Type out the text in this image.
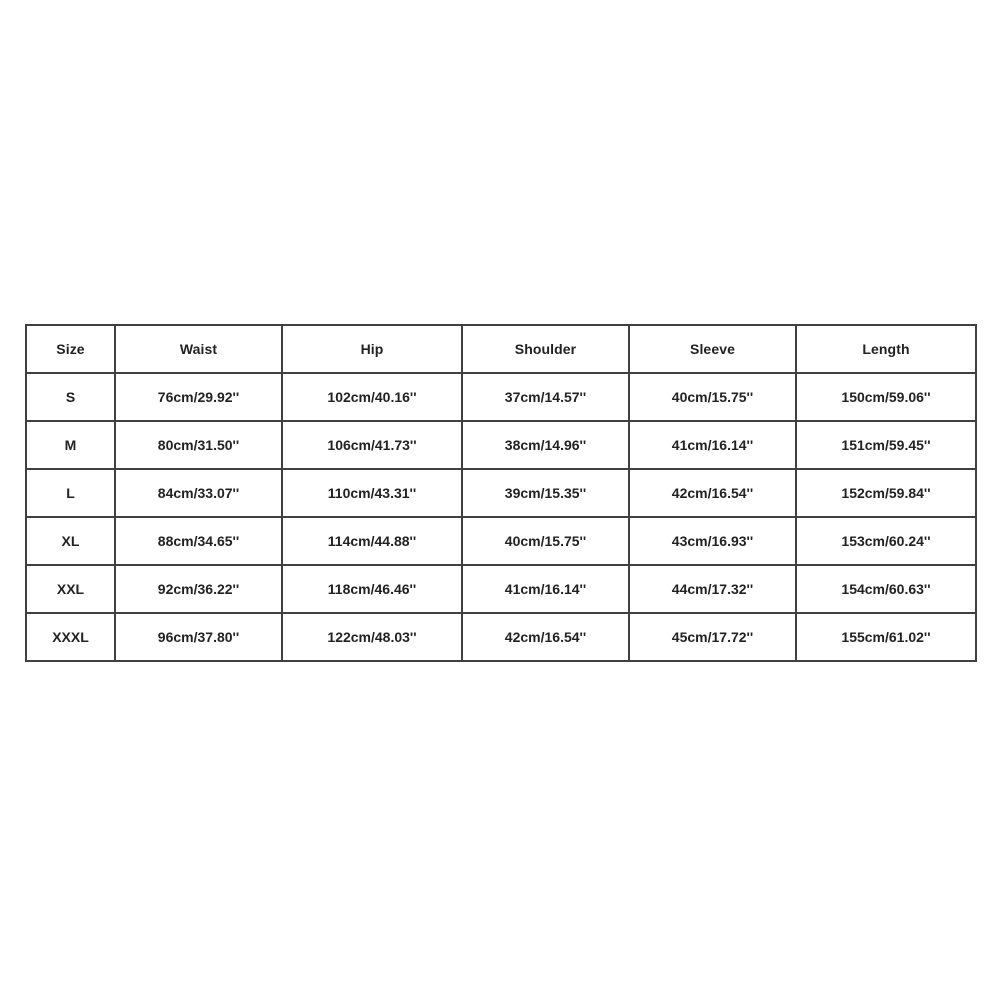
Size	Waist	Hip	Shoulder	Sleeve	Length
S	76cm/29.92''	102cm/40.16''	37cm/14.57''	40cm/15.75''	150cm/59.06''
M	80cm/31.50''	106cm/41.73''	38cm/14.96''	41cm/16.14''	151cm/59.45''
L	84cm/33.07''	110cm/43.31''	39cm/15.35''	42cm/16.54''	152cm/59.84''
XL	88cm/34.65''	114cm/44.88''	40cm/15.75''	43cm/16.93''	153cm/60.24''
XXL	92cm/36.22''	118cm/46.46''	41cm/16.14''	44cm/17.32''	154cm/60.63''
XXXL	96cm/37.80''	122cm/48.03''	42cm/16.54''	45cm/17.72''	155cm/61.02''
